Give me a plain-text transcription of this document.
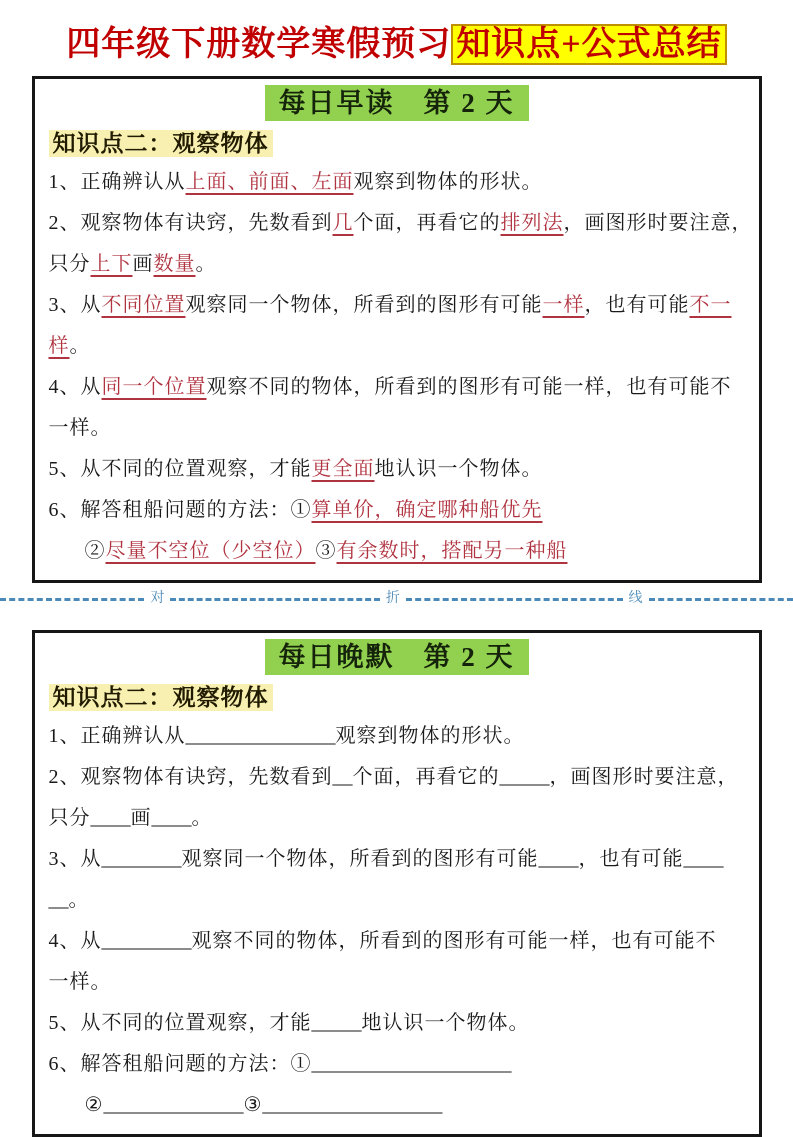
四年级下册数学寒假预习 知识点+公式总结
每日早读　第 2 天

知识点二：观察物体

1、正确辨认从上面、前面、左面观察到物体的形状。

2、观察物体有诀窍，先数看到几个面，再看它的排列法，画图形时要注意，

只分上下画数量。

3、从不同位置观察同一个物体，所看到的图形有可能一样，也有可能不一

样。

4、从同一个位置观察不同的物体，所看到的图形有可能一样，也有可能不

一样。

5、从不同的位置观察，才能更全面地认识一个物体。

6、解答租船问题的方法：①算单价，确定哪种船优先

②尽量不空位（少空位）③有余数时，搭配另一种船

对	折	线
每日晚默　第 2 天

知识点二：观察物体

1、正确辨认从_______________观察到物体的形状。

2、观察物体有诀窍，先数看到__个面，再看它的_____，画图形时要注意，

只分____画____。

3、从________观察同一个物体，所看到的图形有可能____，也有可能____

__。

4、从_________观察不同的物体，所看到的图形有可能一样，也有可能不

一样。

5、从不同的位置观察，才能_____地认识一个物体。

6、解答租船问题的方法：①____________________

②______________③__________________
